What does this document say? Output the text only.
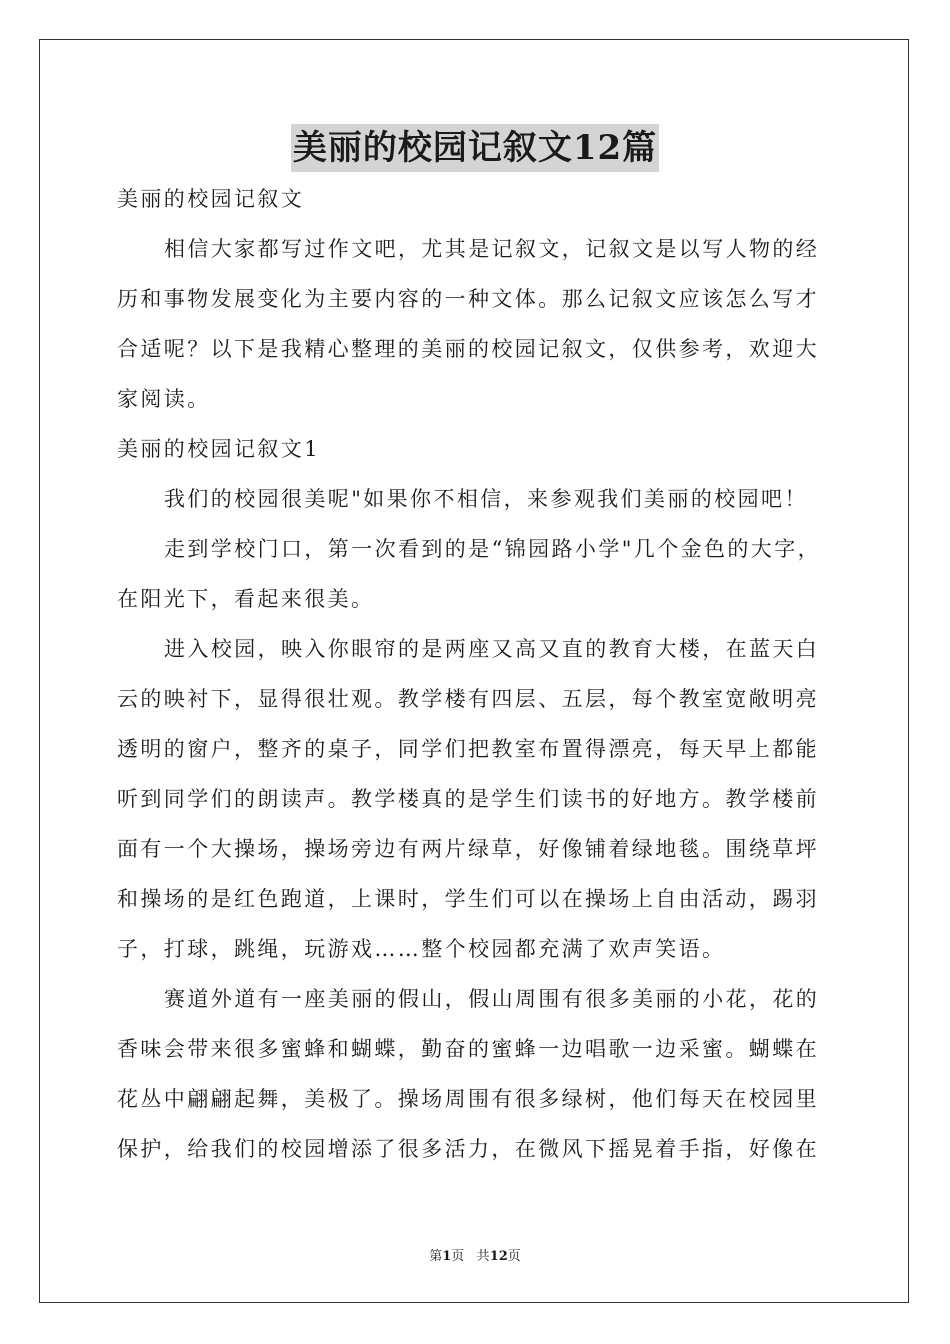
美丽的校园记叙文12篇
美丽的校园记叙文
相信大家都写过作文吧，尤其是记叙文，记叙文是以写人物的经
历和事物发展变化为主要内容的一种文体。那么记叙文应该怎么写才
合适呢？以下是我精心整理的美丽的校园记叙文，仅供参考，欢迎大
家阅读。
美丽的校园记叙文1
我们的校园很美呢"如果你不相信，来参观我们美丽的校园吧！
走到学校门口，第一次看到的是“锦园路小学"几个金色的大字，
在阳光下，看起来很美。
进入校园，映入你眼帘的是两座又高又直的教育大楼，在蓝天白
云的映衬下，显得很壮观。教学楼有四层、五层，每个教室宽敞明亮
透明的窗户，整齐的桌子，同学们把教室布置得漂亮，每天早上都能
听到同学们的朗读声。教学楼真的是学生们读书的好地方。教学楼前
面有一个大操场，操场旁边有两片绿草，好像铺着绿地毯。围绕草坪
和操场的是红色跑道，上课时，学生们可以在操场上自由活动，踢羽
子，打球，跳绳，玩游戏……整个校园都充满了欢声笑语。
赛道外道有一座美丽的假山，假山周围有很多美丽的小花，花的
香味会带来很多蜜蜂和蝴蝶，勤奋的蜜蜂一边唱歌一边采蜜。蝴蝶在
花丛中翩翩起舞，美极了。操场周围有很多绿树，他们每天在校园里
保护，给我们的校园增添了很多活力，在微风下摇晃着手指，好像在
第1页 共12页
